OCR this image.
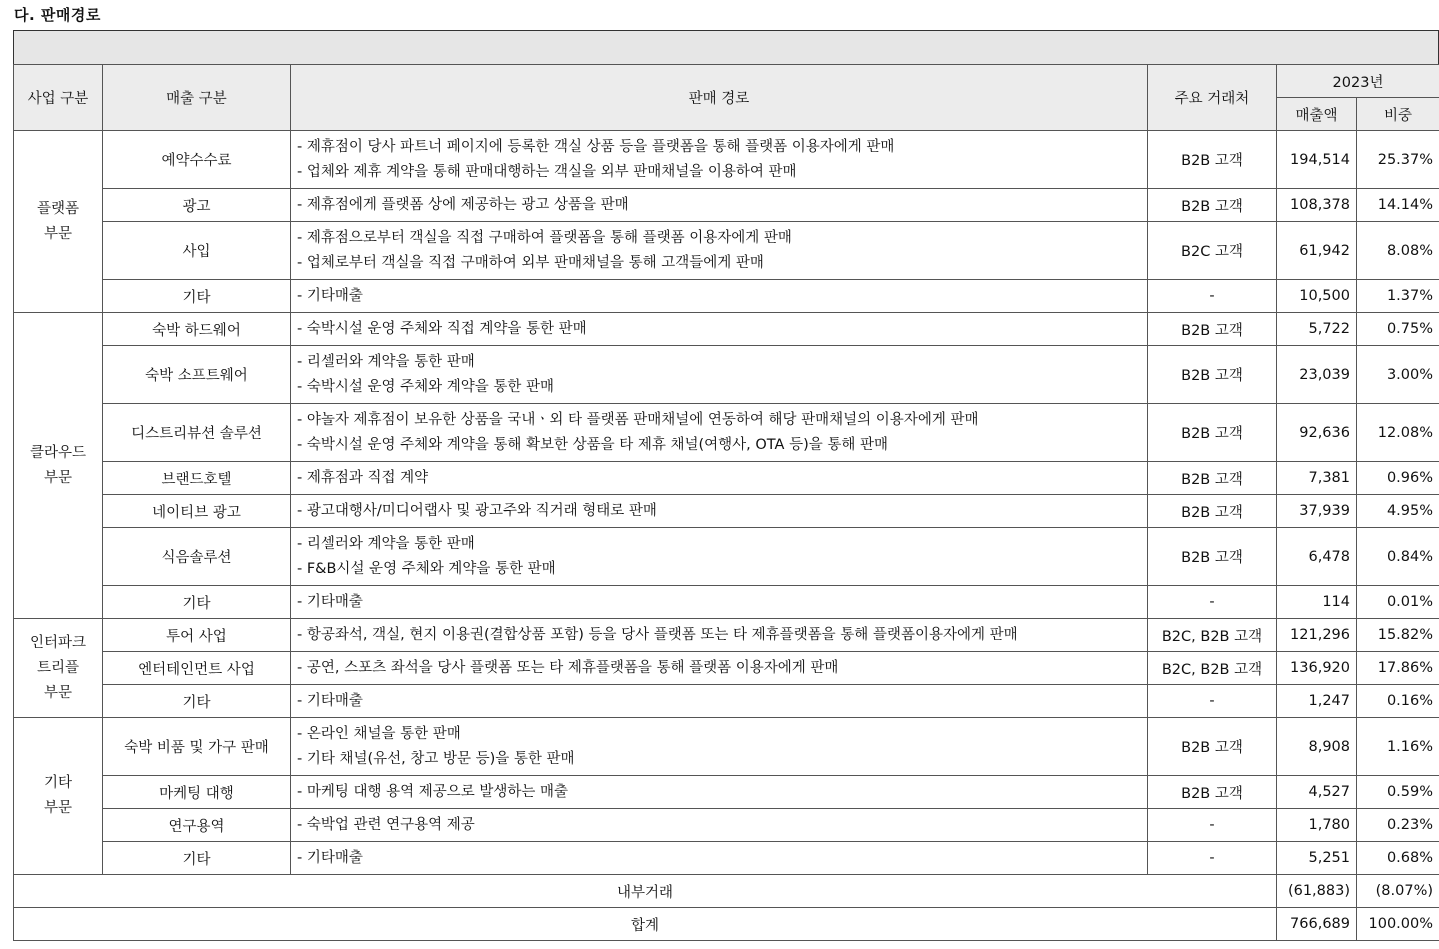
다. 판매경로
사업 구분	매출 구분	판매 경로	주요 거래처	2023년	
				매출액	비중

플랫폼
부문	예약수수료	- 제휴점이 당사 파트너 페이지에 등록한 객실 상품 등을 플랫폼을 통해 플랫폼 이용자에게 판매
- 업체와 제휴 계약을 통해 판매대행하는 객실을 외부 판매채널을 이용하여 판매	B2B 고객	194,514	25.37%
	광고	- 제휴점에게 플랫폼 상에 제공하는 광고 상품을 판매	B2B 고객	108,378	14.14%
	사입	- 제휴점으로부터 객실을 직접 구매하여 플랫폼을 통해 플랫폼 이용자에게 판매
- 업체로부터 객실을 직접 구매하여 외부 판매채널을 통해 고객들에게 판매	B2C 고객	61,942	8.08%
	기타	- 기타매출	-	10,500	1.37%

클라우드
부문	숙박 하드웨어	- 숙박시설 운영 주체와 직접 계약을 통한 판매	B2B 고객	5,722	0.75%
	숙박 소프트웨어	- 리셀러와 계약을 통한 판매
- 숙박시설 운영 주체와 계약을 통한 판매	B2B 고객	23,039	3.00%
	디스트리뷰션 솔루션	- 야놀자 제휴점이 보유한 상품을 국내ㆍ외 타 플랫폼 판매채널에 연동하여 해당 판매채널의 이용자에게 판매
- 숙박시설 운영 주체와 계약을 통해 확보한 상품을 타 제휴 채널(여행사, OTA 등)을 통해 판매	B2B 고객	92,636	12.08%
	브랜드호텔	- 제휴점과 직접 계약	B2B 고객	7,381	0.96%
	네이티브 광고	- 광고대행사/미디어랩사 및 광고주와 직거래 형태로 판매	B2B 고객	37,939	4.95%
	식음솔루션	- 리셀러와 계약을 통한 판매
- F&B시설 운영 주체와 계약을 통한 판매	B2B 고객	6,478	0.84%
	기타	- 기타매출	-	114	0.01%

인터파크
트리플
부문	투어 사업	- 항공좌석, 객실, 현지 이용권(결합상품 포함) 등을 당사 플랫폼 또는 타 제휴플랫폼을 통해 플랫폼이용자에게 판매	B2C, B2B 고객	121,296	15.82%
	엔터테인먼트 사업	- 공연, 스포츠 좌석을 당사 플랫폼 또는 타 제휴플랫폼을 통해 플랫폼 이용자에게 판매	B2C, B2B 고객	136,920	17.86%
	기타	- 기타매출	-	1,247	0.16%

기타
부문	숙박 비품 및 가구 판매	- 온라인 채널을 통한 판매
- 기타 채널(유선, 창고 방문 등)을 통한 판매	B2B 고객	8,908	1.16%
	마케팅 대행	- 마케팅 대행 용역 제공으로 발생하는 매출	B2B 고객	4,527	0.59%
	연구용역	- 숙박업 관련 연구용역 제공	-	1,780	0.23%
	기타	- 기타매출	-	5,251	0.68%
내부거래				(61,883)	(8.07%)
합계				766,689	100.00%
